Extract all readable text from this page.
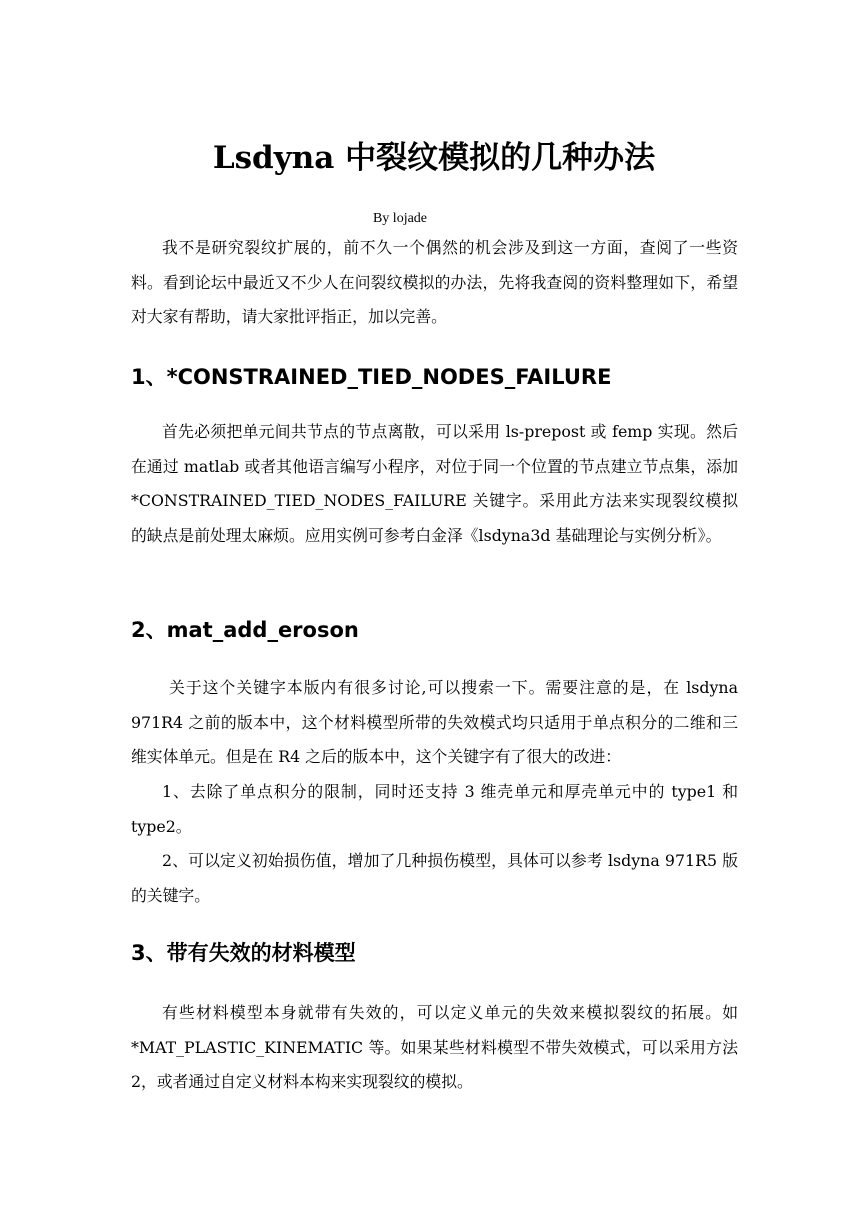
Lsdyna 中裂纹模拟的几种办法
By lojade
我不是研究裂纹扩展的，前不久一个偶然的机会涉及到这一方面，查阅了一些资料。看到论坛中最近又不少人在问裂纹模拟的办法，先将我查阅的资料整理如下，希望对大家有帮助，请大家批评指正，加以完善。
1、*CONSTRAINED_TIED_NODES_FAILURE
首先必须把单元间共节点的节点离散，可以采用 ls-prepost 或 femp 实现。然后在通过 matlab 或者其他语言编写小程序，对位于同一个位置的节点建立节点集，添加*CONSTRAINED_TIED_NODES_FAILURE 关键字。采用此方法来实现裂纹模拟的缺点是前处理太麻烦。应用实例可参考白金泽《lsdyna3d 基础理论与实例分析》。
2、mat_add_eroson
关于这个关键字本版内有很多讨论,可以搜索一下。需要注意的是，在 lsdyna 971R4 之前的版本中，这个材料模型所带的失效模式均只适用于单点积分的二维和三维实体单元。但是在 R4 之后的版本中，这个关键字有了很大的改进：
1、去除了单点积分的限制，同时还支持 3 维壳单元和厚壳单元中的 type1 和 type2。
2、可以定义初始损伤值，增加了几种损伤模型，具体可以参考 lsdyna 971R5 版的关键字。
3、带有失效的材料模型
有些材料模型本身就带有失效的，可以定义单元的失效来模拟裂纹的拓展。如*MAT_PLASTIC_KINEMATIC 等。如果某些材料模型不带失效模式，可以采用方法 2，或者通过自定义材料本构来实现裂纹的模拟。
